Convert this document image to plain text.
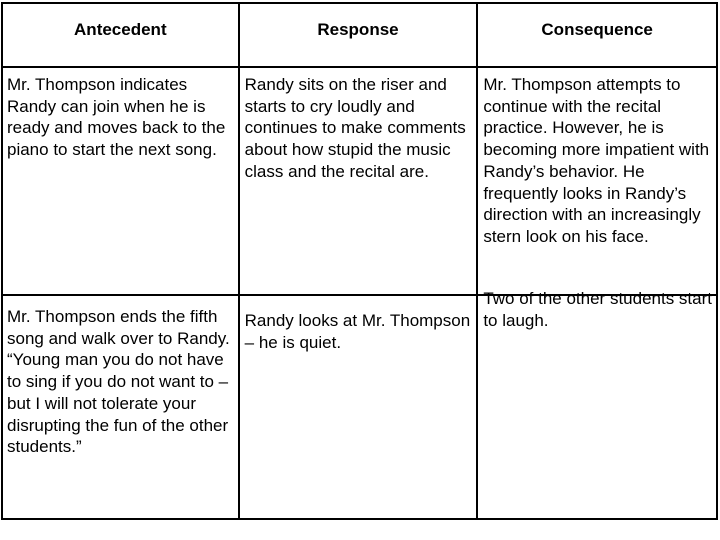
Antecedent	Response	Consequence

Mr. Thompson indicates Randy can join when he is ready and moves back to the piano to start the next song.	Randy sits on the riser and starts to cry loudly and continues to make comments about how stupid the music class and the recital are.	Mr. Thompson attempts to continue with the recital practice. However, he is becoming more impatient with Randy’s behavior. He frequently looks in Randy’s direction with an increasingly stern look on his face.

Mr. Thompson ends the fifth song and walk over to Randy. “Young man you do not have to sing if you do not want to – but I will not tolerate your disrupting the fun of the other students.”	Randy looks at Mr. Thompson – he is quiet.	Two of the other students start to laugh.
